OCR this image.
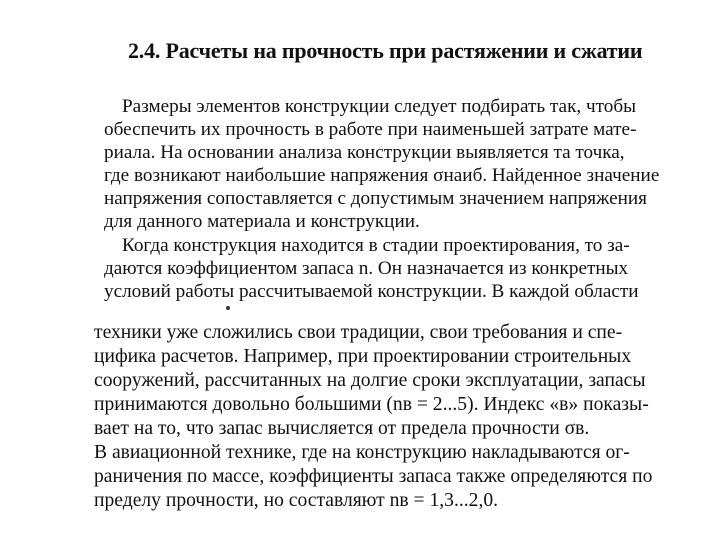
2.4. Расчеты на прочность при растяжении и сжатии
Размеры элементов конструкции следует подбирать так, чтобы
обеспечить их прочность в работе при наименьшей затрате мате-
риала. На основании анализа конструкции выявляется та точка,
где возникают наибольшие напряжения σнаиб. Найденное значение
напряжения сопоставляется с допустимым значением напряжения
для данного материала и конструкции.
Когда конструкция находится в стадии проектирования, то за-
даются коэффициентом запаса n. Он назначается из конкретных
условий работы рассчитываемой конструкции. В каждой области
техники уже сложились свои традиции, свои требования и спе-
цифика расчетов. Например, при проектировании строительных
сооружений, рассчитанных на долгие сроки эксплуатации, запасы
принимаются довольно большими (nв = 2...5). Индекс «в» показы-
вает на то, что запас вычисляется от предела прочности σв.
В авиационной технике, где на конструкцию накладываются ог-
раничения по массе, коэффициенты запаса также определяются по
пределу прочности, но составляют nв = 1,3...2,0.
